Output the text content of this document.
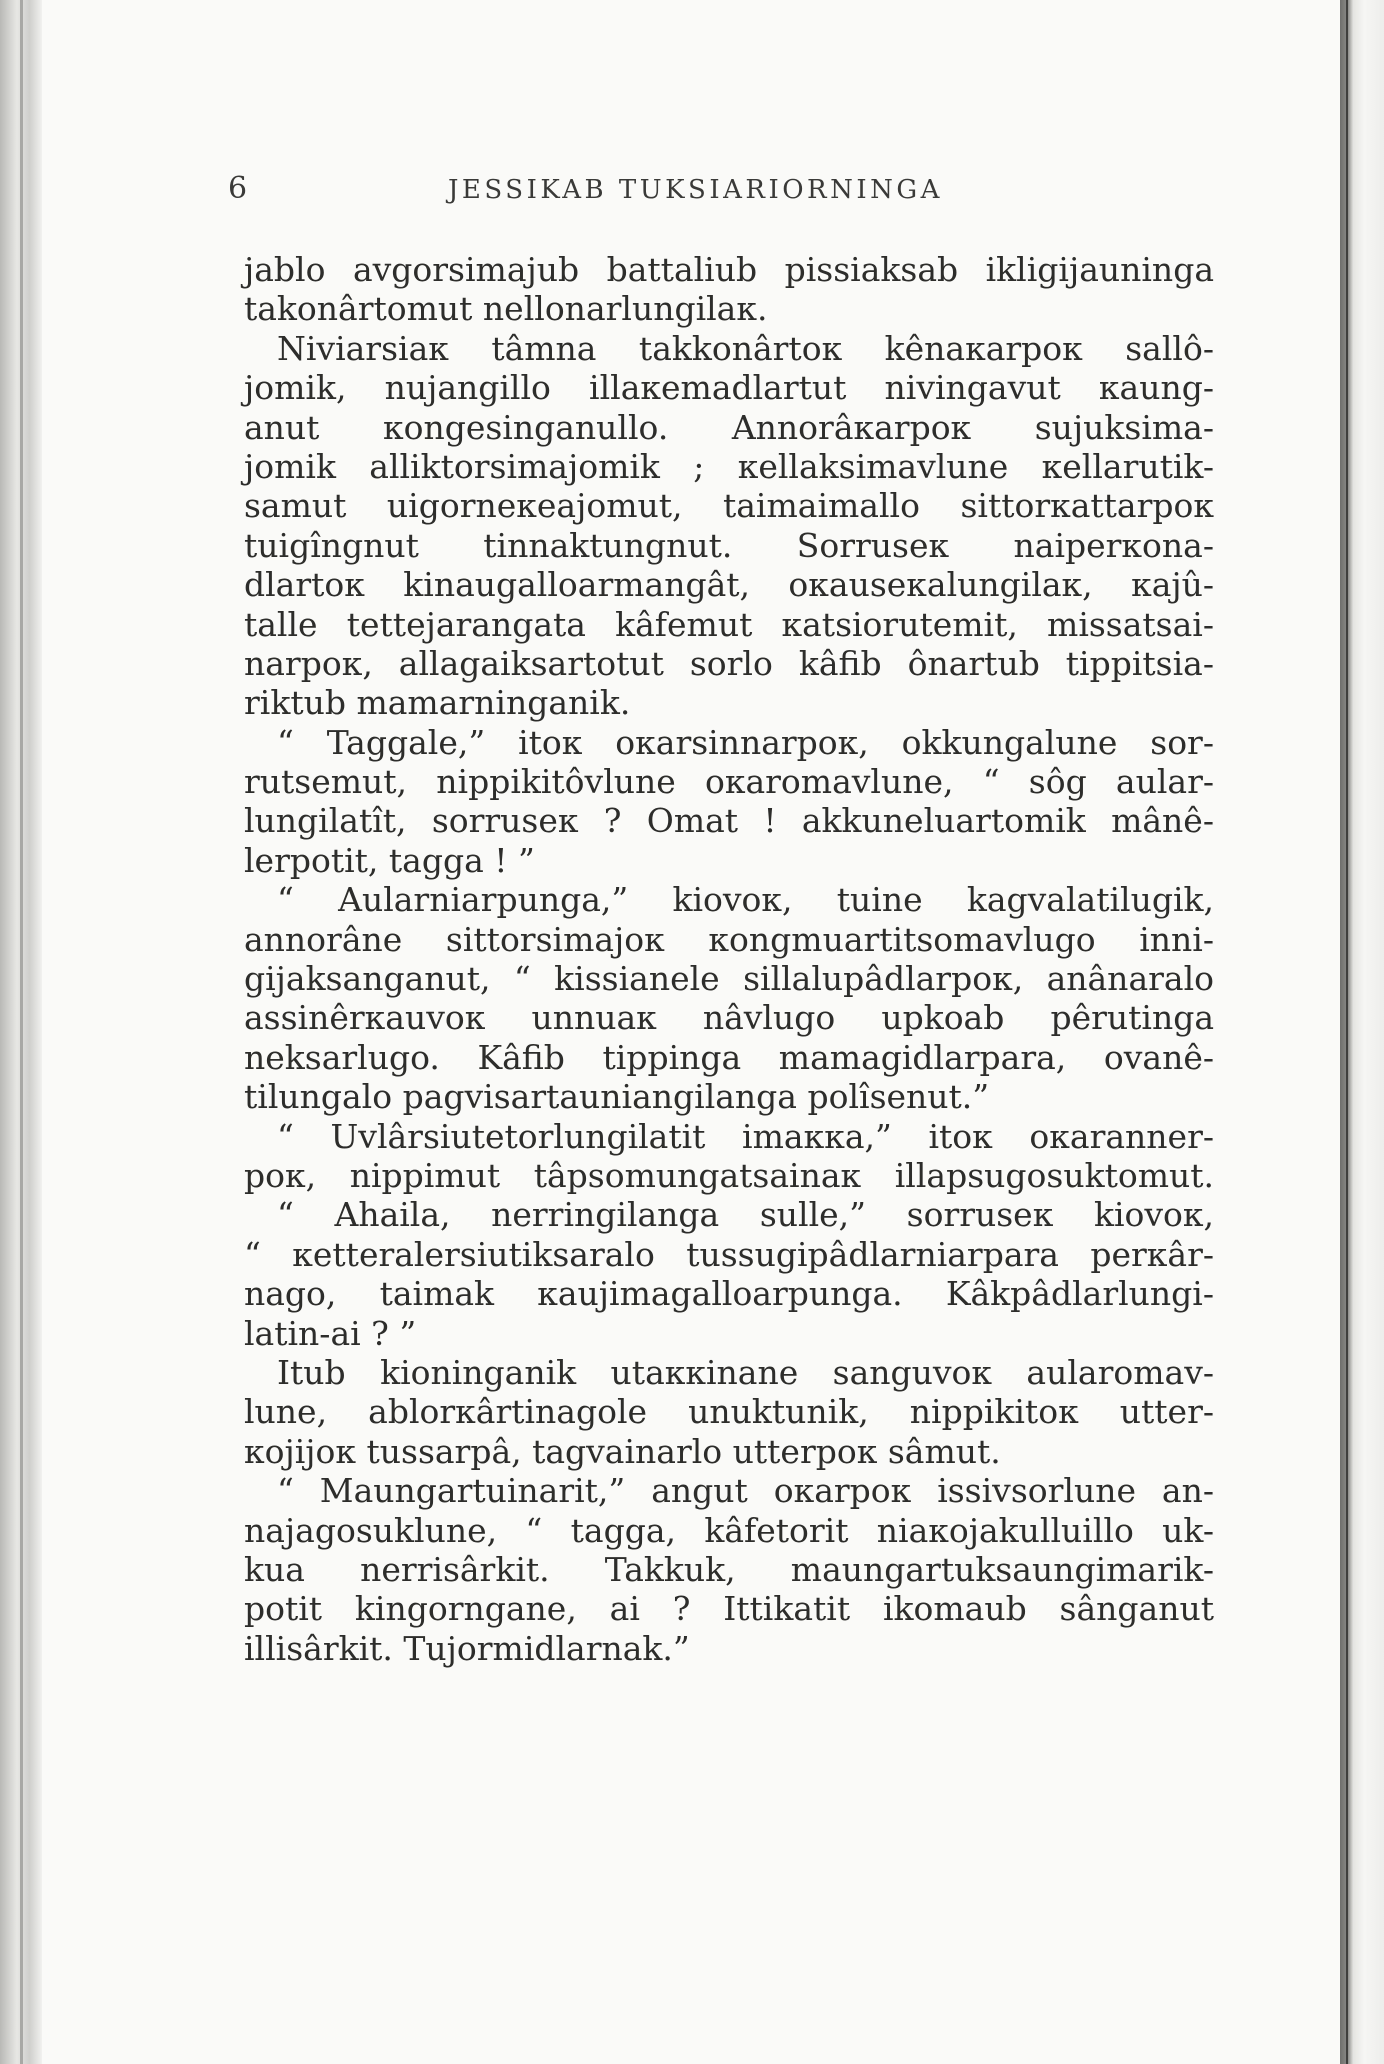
6	JESSIKAB TUKSIARIORNINGA
jablo avgorsimajub battaliub pissiaksab ikligijauninga
takonârtomut nellonarlungilaκ.
Niviarsiaκ tâmna takkonârtoκ kênaκarpoκ sallô-
jomik, nujangillo illaκemadlartut nivingavut κaung-
anut κongesinganullo. Annorâκarpoκ sujuksima-
jomik alliktorsimajomik ; κellaksimavlune κellarutik-
samut uigorneκeajomut, taimaimallo sittorκattarpoκ
tuigîngnut tinnaktungnut. Sorruseκ naiperκona-
dlartoκ kinaugalloarmangât, oκauseκalungilaκ, κajû-
talle tettejarangata kâfemut κatsiorutemit, missatsai-
narpoκ, allagaiksartotut sorlo kâfib ônartub tippitsia-
riktub mamarninganik.
“ Taggale,” itoκ oκarsinnarpoκ, okkungalune sor-
rutsemut, nippikitôvlune oκaromavlune, “ sôg aular-
lungilatît, sorruseκ ? Omat ! akkuneluartomik mânê-
lerpotit, tagga ! ”
“ Aularniarpunga,” kiovoκ, tuine kagvalatilugik,
annorâne sittorsimajoκ κongmuartitsomavlugo inni-
gijaksanganut, “ kissianele sillalupâdlarpoκ, anânaralo
assinêrκauvoκ unnuaκ nâvlugo upkoab pêrutinga
neksarlugo. Kâfib tippinga mamagidlarpara, ovanê-
tilungalo pagvisartauniangilanga polîsenut.”
“ Uvlârsiutetorlungilatit imaκκa,” itoκ oκaranner-
poκ, nippimut tâpsomungatsainaκ illapsugosuktomut.
“ Ahaila, nerringilanga sulle,” sorruseκ kiovoκ,
“ κetteralersiutiksaralo tussugipâdlarniarpara perκâr-
nago, taimak κaujimagalloarpunga. Kâkpâdlarlungi-
latin-ai ? ”
Itub kioninganik utaκκinane sanguvoκ aularomav-
lune, ablorκârtinagole unuktunik, nippikitoκ utter-
κojijoκ tussarpâ, tagvainarlo utterpoκ sâmut.
“ Maungartuinarit,” angut oκarpoκ issivsorlune an-
najagosuklune, “ tagga, kâfetorit niaκojakulluillo uk-
kua nerrisârkit. Takkuk, maungartuksaungimarik-
potit kingorngane, ai ? Ittikatit ikomaub sânganut
illisârkit. Tujormidlarnak.”
